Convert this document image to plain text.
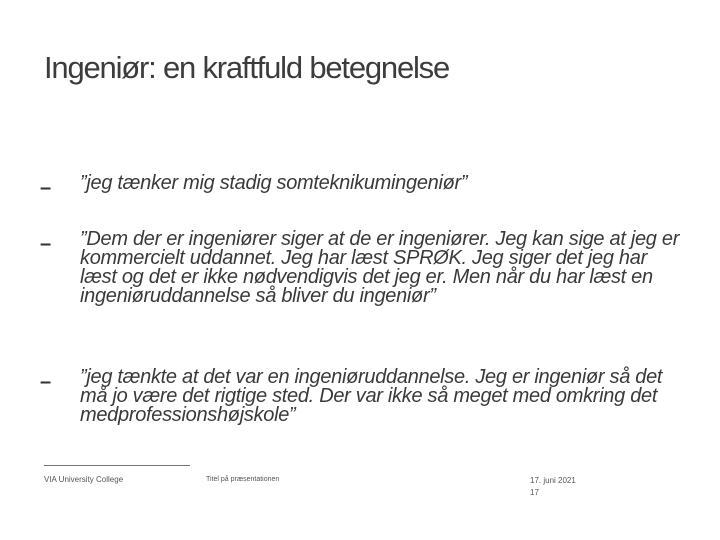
Ingeniør: en kraftfuld betegnelse
– ”jeg tænker mig stadig somteknikumingeniør”
– ”Dem der er ingeniører siger at de er ingeniører. Jeg kan sige at jeg er kommercielt uddannet. Jeg har læst SPRØK. Jeg siger det jeg har læst og det er ikke nødvendigvis det jeg er. Men når du har læst en ingeniøruddannelse så bliver du ingeniør”
– ”jeg tænkte at det var en ingeniøruddannelse. Jeg er ingeniør så det må jo være det rigtige sted. Der var ikke så meget med omkring det medprofessionshøjskole”
VIA University College	Titel på præsentationen	17. juni 2021
17
